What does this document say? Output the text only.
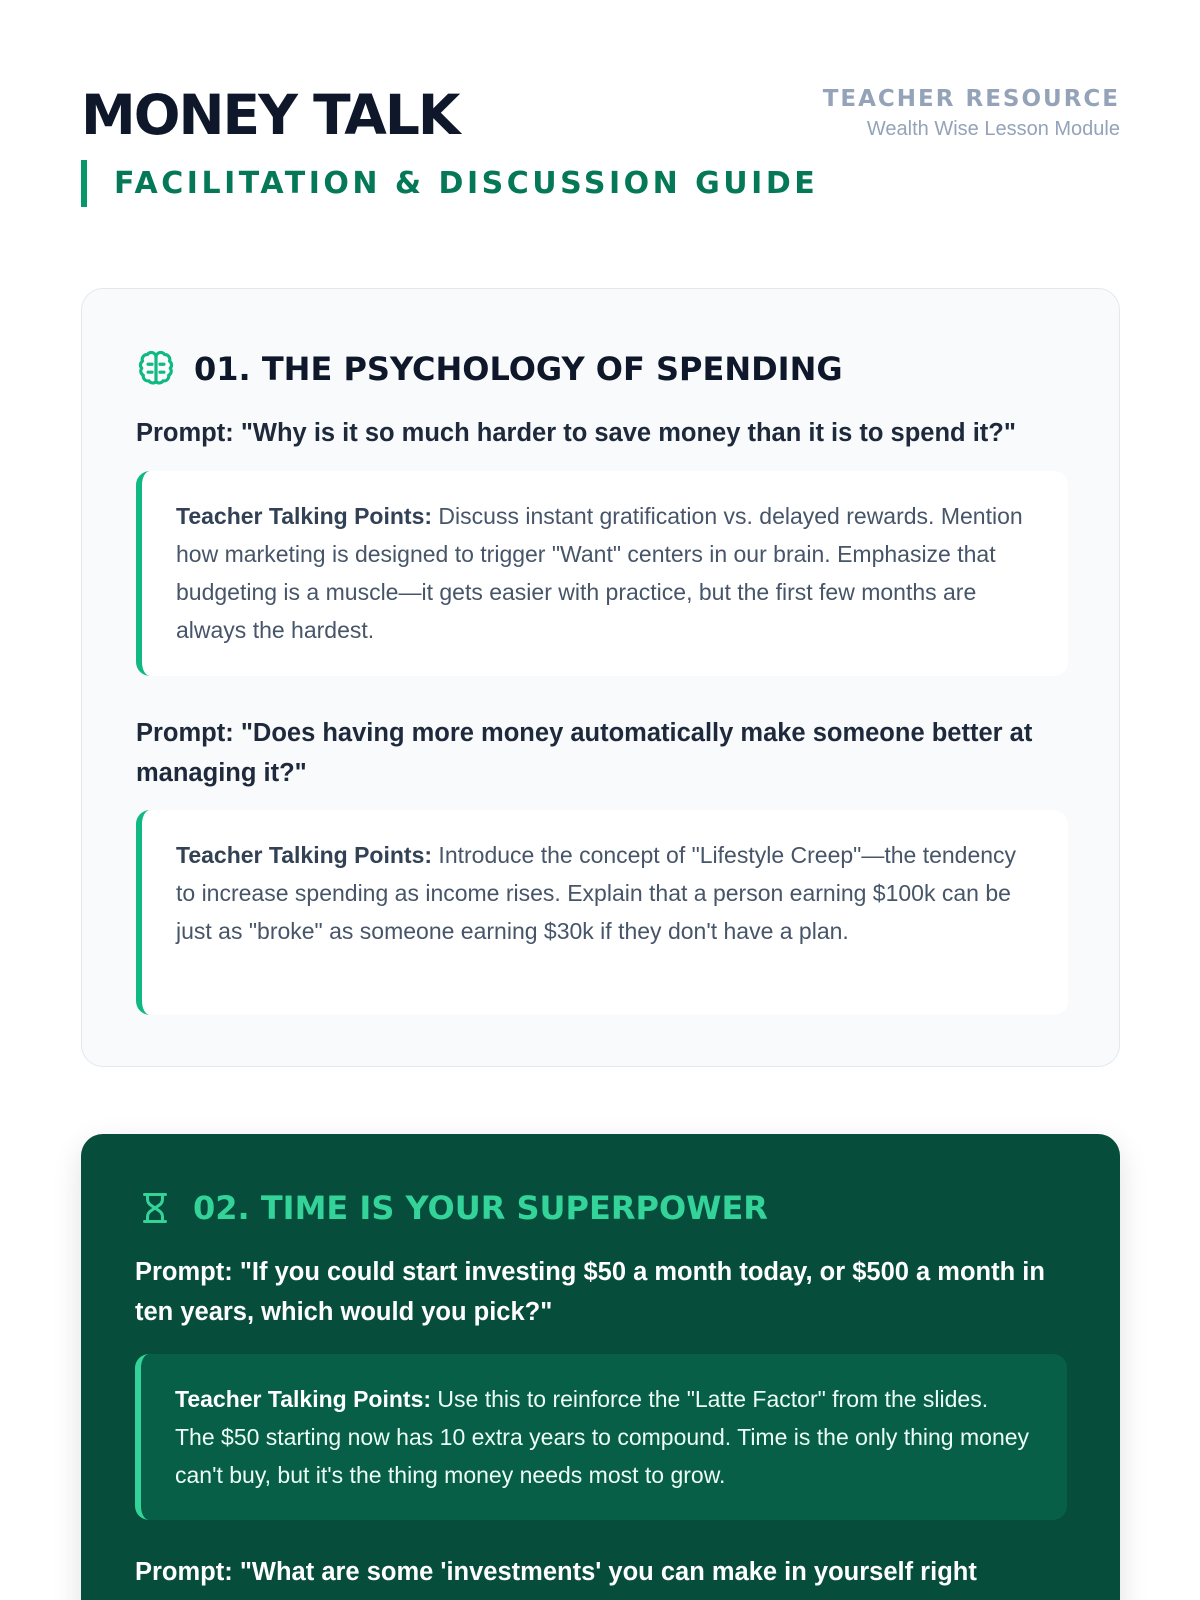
MONEY TALK
FACILITATION & DISCUSSION GUIDE
TEACHER RESOURCE
Wealth Wise Lesson Module
01. THE PSYCHOLOGY OF SPENDING
Prompt: "Why is it so much harder to save money than it is to spend it?"
Teacher Talking Points: Discuss instant gratification vs. delayed rewards. Mention how marketing is designed to trigger "Want" centers in our brain. Emphasize that budgeting is a muscle—it gets easier with practice, but the first few months are always the hardest.
Prompt: "Does having more money automatically make someone better at managing it?"
Teacher Talking Points: Introduce the concept of "Lifestyle Creep"—the tendency to increase spending as income rises. Explain that a person earning $100k can be just as "broke" as someone earning $30k if they don't have a plan.
02. TIME IS YOUR SUPERPOWER
Prompt: "If you could start investing $50 a month today, or $500 a month in ten years, which would you pick?"
Teacher Talking Points: Use this to reinforce the "Latte Factor" from the slides. The $50 starting now has 10 extra years to compound. Time is the only thing money can't buy, but it's the thing money needs most to grow.
Prompt: "What are some 'investments' you can make in yourself right
